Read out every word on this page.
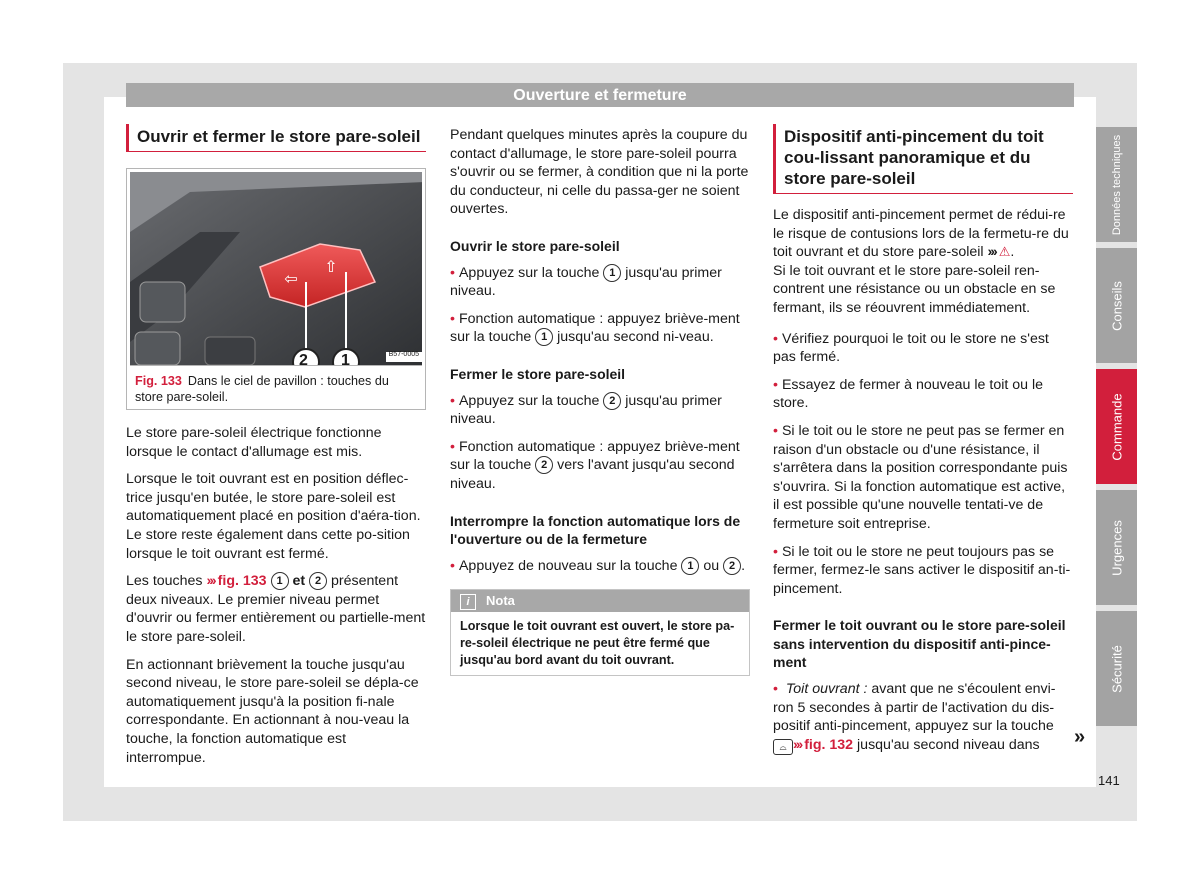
Ouverture et fermeture
Ouvrir et fermer le store pare-soleil
⇦
⇧
2 1	B57-0005
Fig. 133 Dans le ciel de pavillon : touches du store pare-soleil.

Le store pare-soleil électrique fonctionne lorsque le contact d'allumage est mis.

Lorsque le toit ouvrant est en position déflec-trice jusqu'en butée, le store pare-soleil est automatiquement placé en position d'aéra-tion. Le store reste également dans cette po-sition lorsque le toit ouvrant est fermé.

Les touches ››› fig. 133 1 et 2 présentent deux niveaux. Le premier niveau permet d'ouvrir ou fermer entièrement ou partielle-ment le store pare-soleil.

En actionnant brièvement la touche jusqu'au second niveau, le store pare-soleil se dépla-ce automatiquement jusqu'à la position fi-nale correspondante. En actionnant à nou-veau la touche, la fonction automatique est interrompue.

Pendant quelques minutes après la coupure du contact d'allumage, le store pare-soleil pourra s'ouvrir ou se fermer, à condition que ni la porte du conducteur, ni celle du passa-ger ne soient ouvertes.

Ouvrir le store pare-soleil

• Appuyez sur la touche 1 jusqu'au primer niveau.

• Fonction automatique : appuyez briève-ment sur la touche 1 jusqu'au second ni-veau.

Fermer le store pare-soleil

• Appuyez sur la touche 2 jusqu'au primer niveau.

• Fonction automatique : appuyez briève-ment sur la touche 2 vers l'avant jusqu'au second niveau.

Interrompre la fonction automatique lors de l'ouverture ou de la fermeture

• Appuyez de nouveau sur la touche 1 ou 2 .

i Nota
Lorsque le toit ouvrant est ouvert, le store pa-re-soleil électrique ne peut être fermé que jusqu'au bord avant du toit ouvrant.
Dispositif anti-pincement du toit cou-lissant panoramique et du store pare-soleil

Le dispositif anti-pincement permet de rédui-re le risque de contusions lors de la fermetu-re du toit ouvrant et du store pare-soleil ››› ⚠.

Si le toit ouvrant et le store pare-soleil ren-contrent une résistance ou un obstacle en se fermant, ils se réouvrent immédiatement.

• Vérifiez pourquoi le toit ou le store ne s'est pas fermé.

• Essayez de fermer à nouveau le toit ou le store.

• Si le toit ou le store ne peut pas se fermer en raison d'un obstacle ou d'une résistance, il s'arrêtera dans la position correspondante puis s'ouvrira. Si la fonction automatique est active, il est possible qu'une nouvelle tentati-ve de fermeture soit entreprise.

• Si le toit ou le store ne peut toujours pas se fermer, fermez-le sans activer le dispositif an-ti-pincement.

Fermer le toit ouvrant ou le store pare-soleil sans intervention du dispositif anti-pince-ment

• Toit ouvrant : avant que ne s'écoulent envi-ron 5 secondes à partir de l'activation du dis-positif anti-pincement, appuyez sur la touche ⌓ ››› fig. 132 jusqu'au second niveau dans	»
Données techniques
Conseils
Commande
Urgences
Sécurité
141
